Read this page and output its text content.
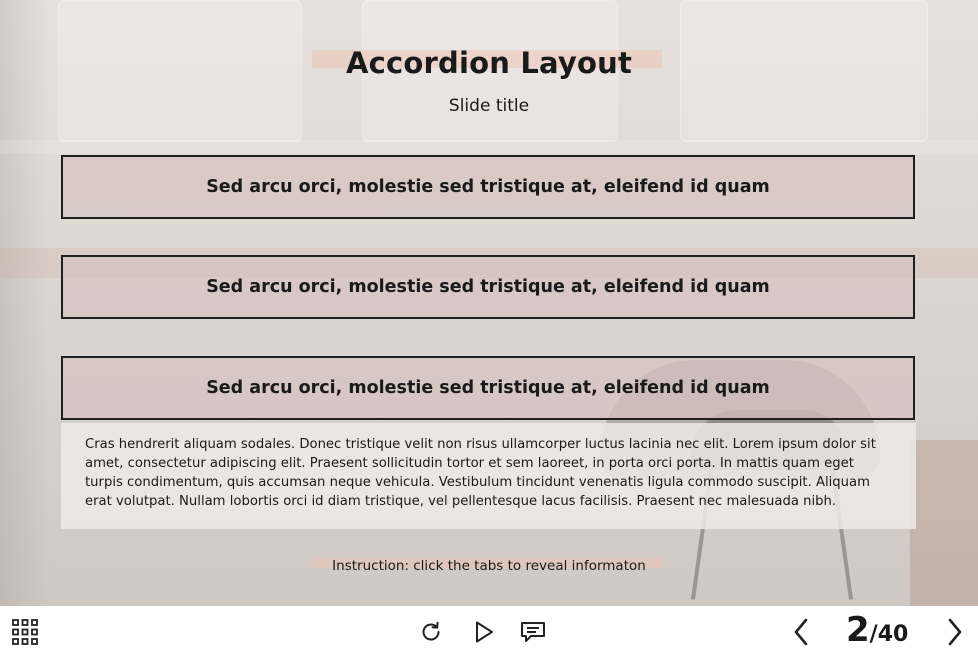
Accordion Layout
Slide title
Sed arcu orci, molestie sed tristique at, eleifend id quam
Sed arcu orci, molestie sed tristique at, eleifend id quam
Sed arcu orci, molestie sed tristique at, eleifend id quam
Cras hendrerit aliquam sodales. Donec tristique velit non risus ullamcorper luctus lacinia nec elit. Lorem ipsum dolor sit amet, consectetur adipiscing elit. Praesent sollicitudin tortor et sem laoreet, in porta orci porta. In mattis quam eget turpis condimentum, quis accumsan neque vehicula. Vestibulum tincidunt venenatis ligula commodo suscipit. Aliquam erat volutpat. Nullam lobortis orci id diam tristique, vel pellentesque lacus facilisis. Praesent nec malesuada nibh.
Instruction: click the tabs to reveal informaton
2 / 40
